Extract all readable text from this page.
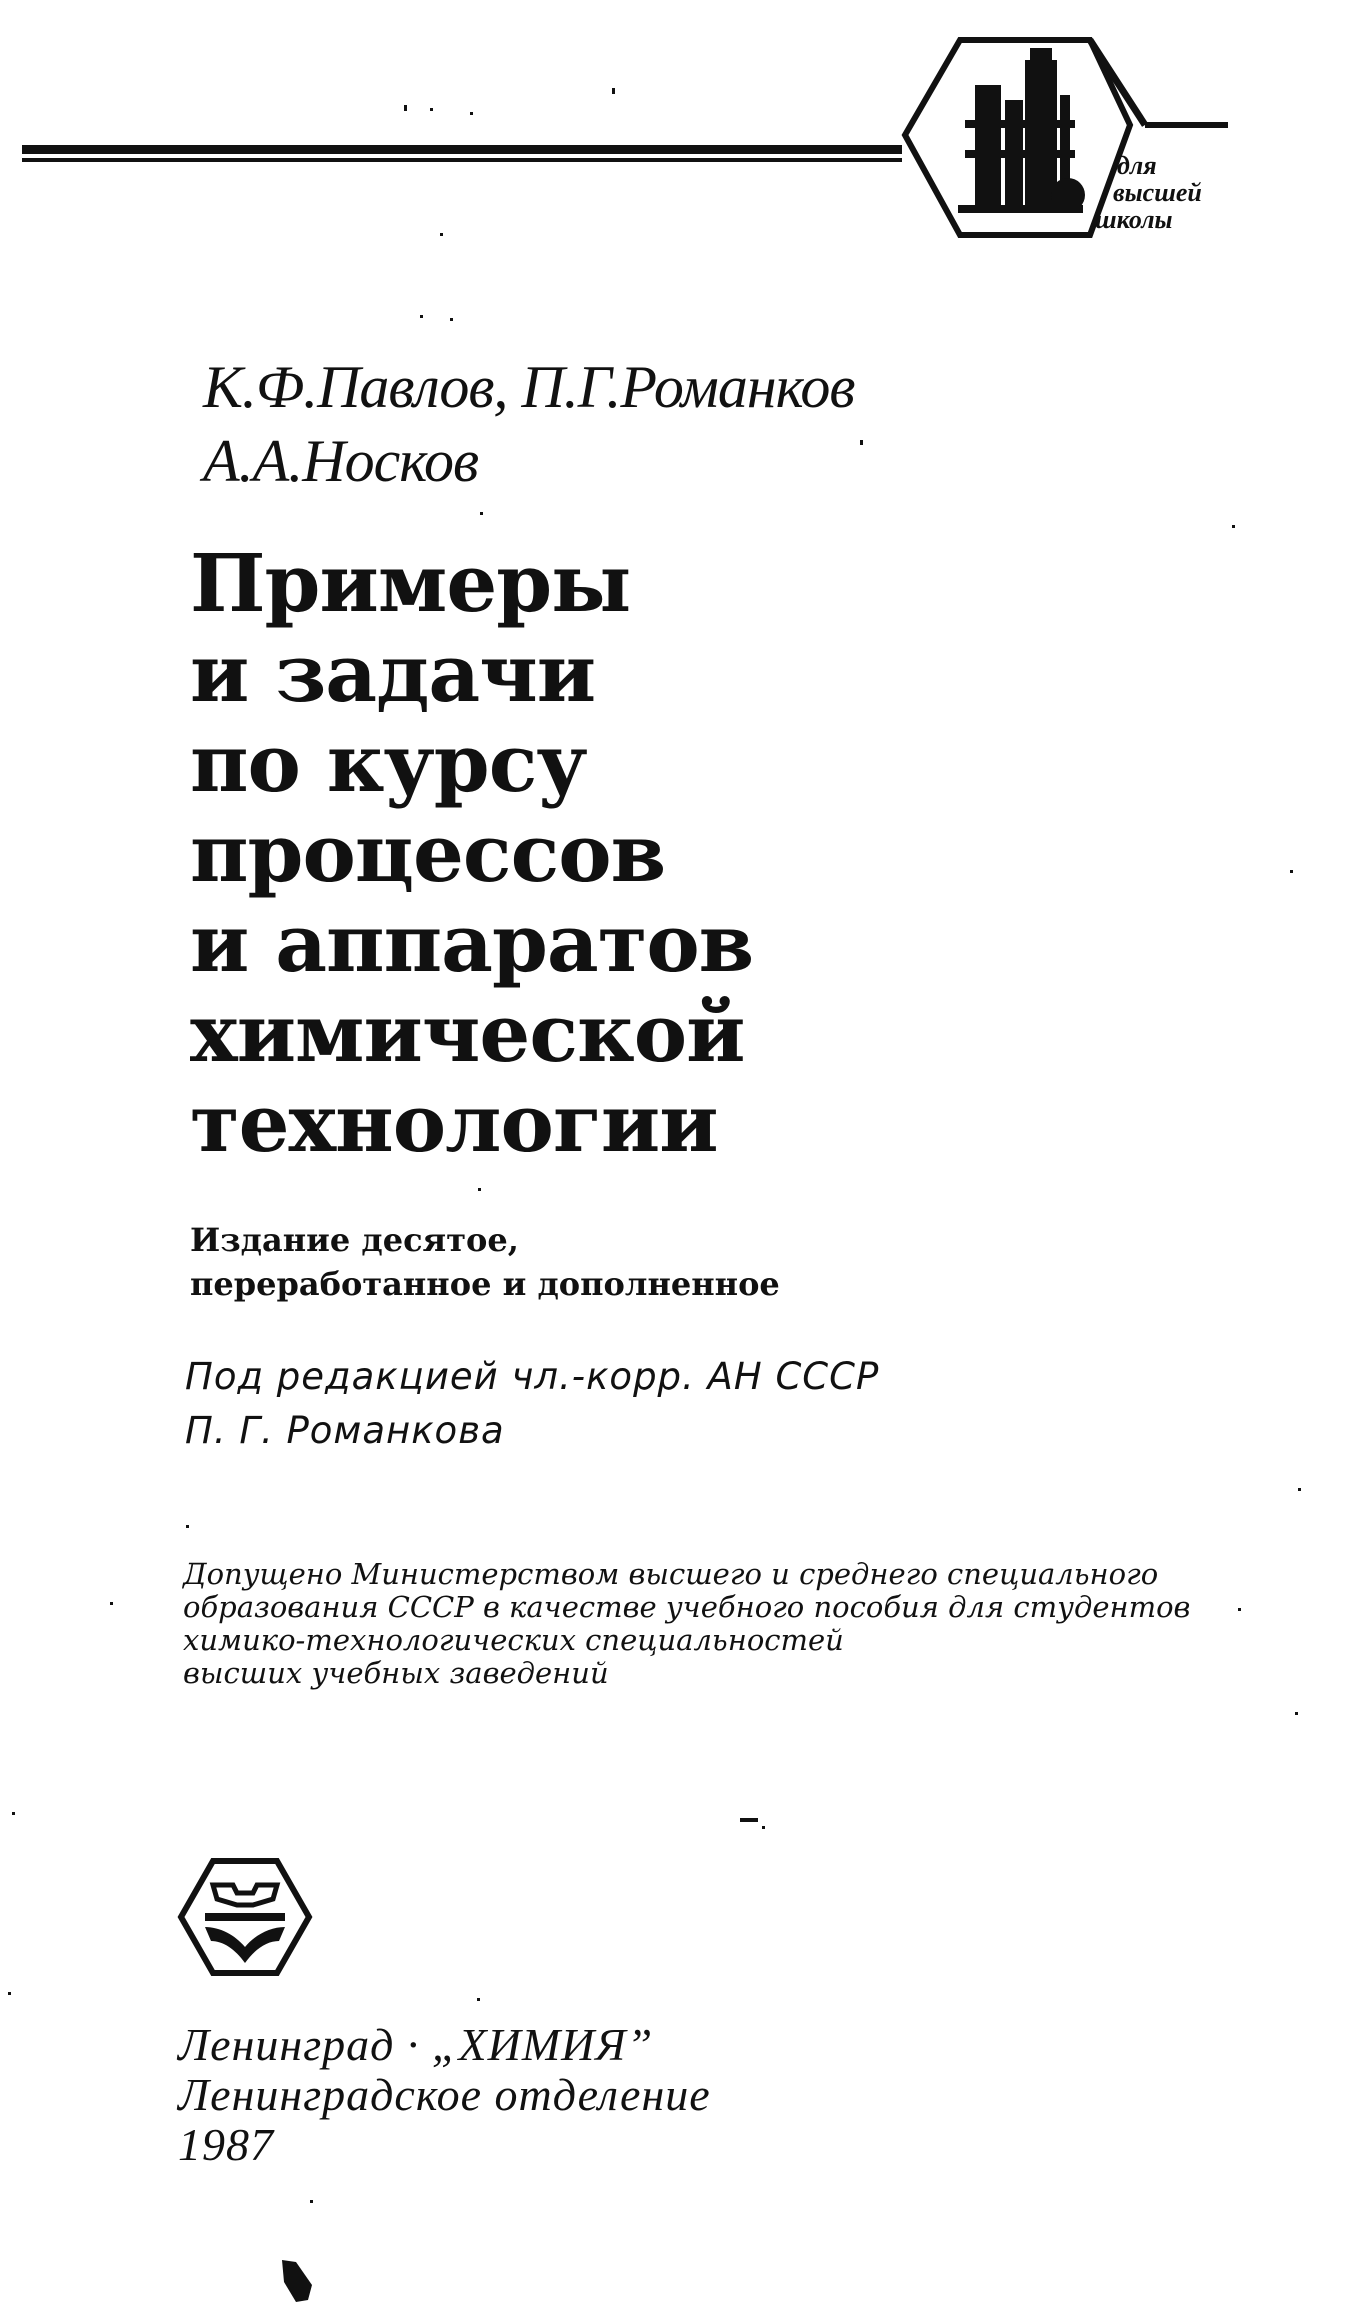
для
высшей
школы
К.Ф.Павлов, П.Г.Романков
А.А.Носков
Примеры
и задачи
по курсу
процессов
и аппаратов
химической
технологии
Издание десятое,
переработанное и дополненное
Под редакцией чл.-корр. АН СССР
П. Г. Романкова
Допущено Министерством высшего и среднего специального
образования СССР в качестве учебного пособия для студентов
химико-технологических специальностей
высших учебных заведений
Ленинград · „ХИМИЯ”
Ленинградское отделение
1987
